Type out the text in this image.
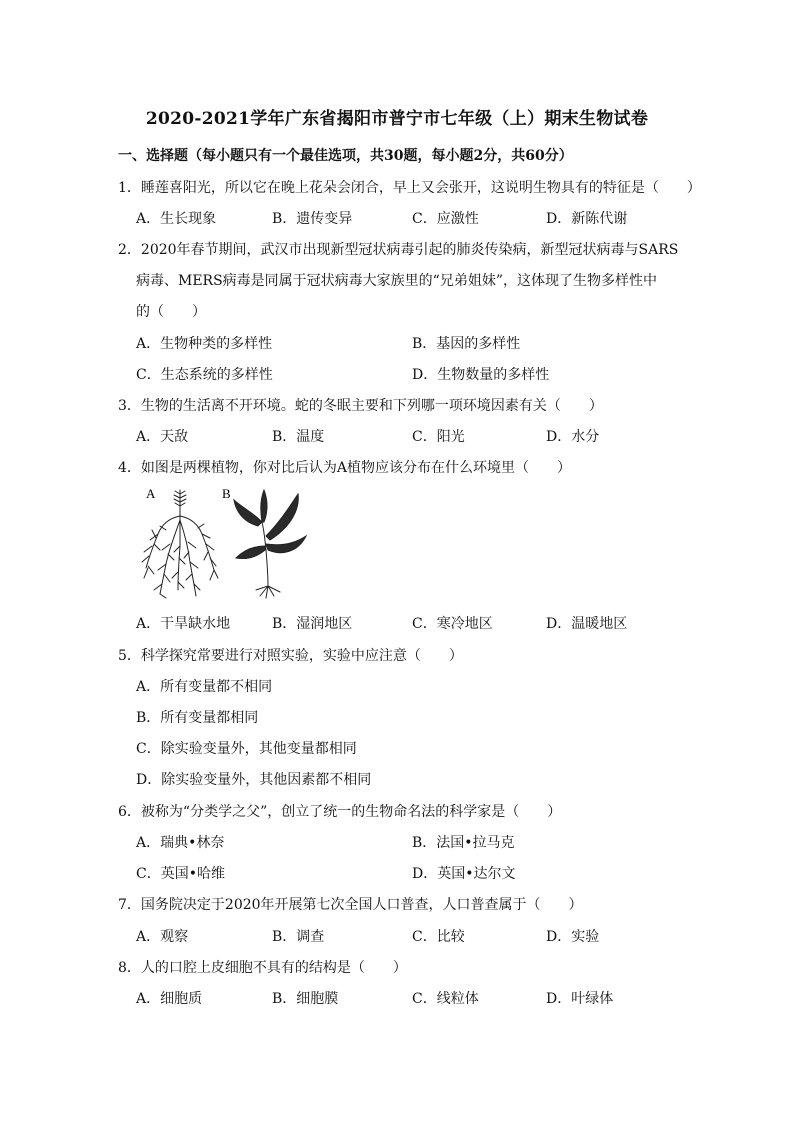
2020-2021学年广东省揭阳市普宁市七年级（上）期末生物试卷
一、选择题（每小题只有一个最佳选项，共30题，每小题2分，共60分）
1．睡莲喜阳光，所以它在晚上花朵会闭合，早上又会张开，这说明生物具有的特征是（　　）
A．生长现象	B．遗传变异	C．应激性	D．新陈代谢
2．2020年春节期间，武汉市出现新型冠状病毒引起的肺炎传染病，新型冠状病毒与SARS
病毒、MERS病毒是同属于冠状病毒大家族里的“兄弟姐妹”，这体现了生物多样性中
的（　　）
A．生物种类的多样性	B．基因的多样性
C．生态系统的多样性	D．生物数量的多样性
3．生物的生活离不开环境。蛇的冬眠主要和下列哪一项环境因素有关（　　）
A．天敌	B．温度	C．阳光	D．水分
4．如图是两棵植物，你对比后认为A植物应该分布在什么环境里（　　）
A	B
A．干旱缺水地	B．湿润地区	C．寒冷地区	D．温暖地区
5．科学探究常要进行对照实验，实验中应注意（　　）
A．所有变量都不相同
B．所有变量都相同
C．除实验变量外，其他变量都相同
D．除实验变量外，其他因素都不相同
6．被称为“分类学之父”，创立了统一的生物命名法的科学家是（　　）
A．瑞典•林奈	B．法国•拉马克
C．英国•哈维	D．英国•达尔文
7．国务院决定于2020年开展第七次全国人口普查，人口普查属于（　　）
A．观察	B．调查	C．比较	D．实验
8．人的口腔上皮细胞不具有的结构是（　　）
A．细胞质	B．细胞膜	C．线粒体	D．叶绿体
